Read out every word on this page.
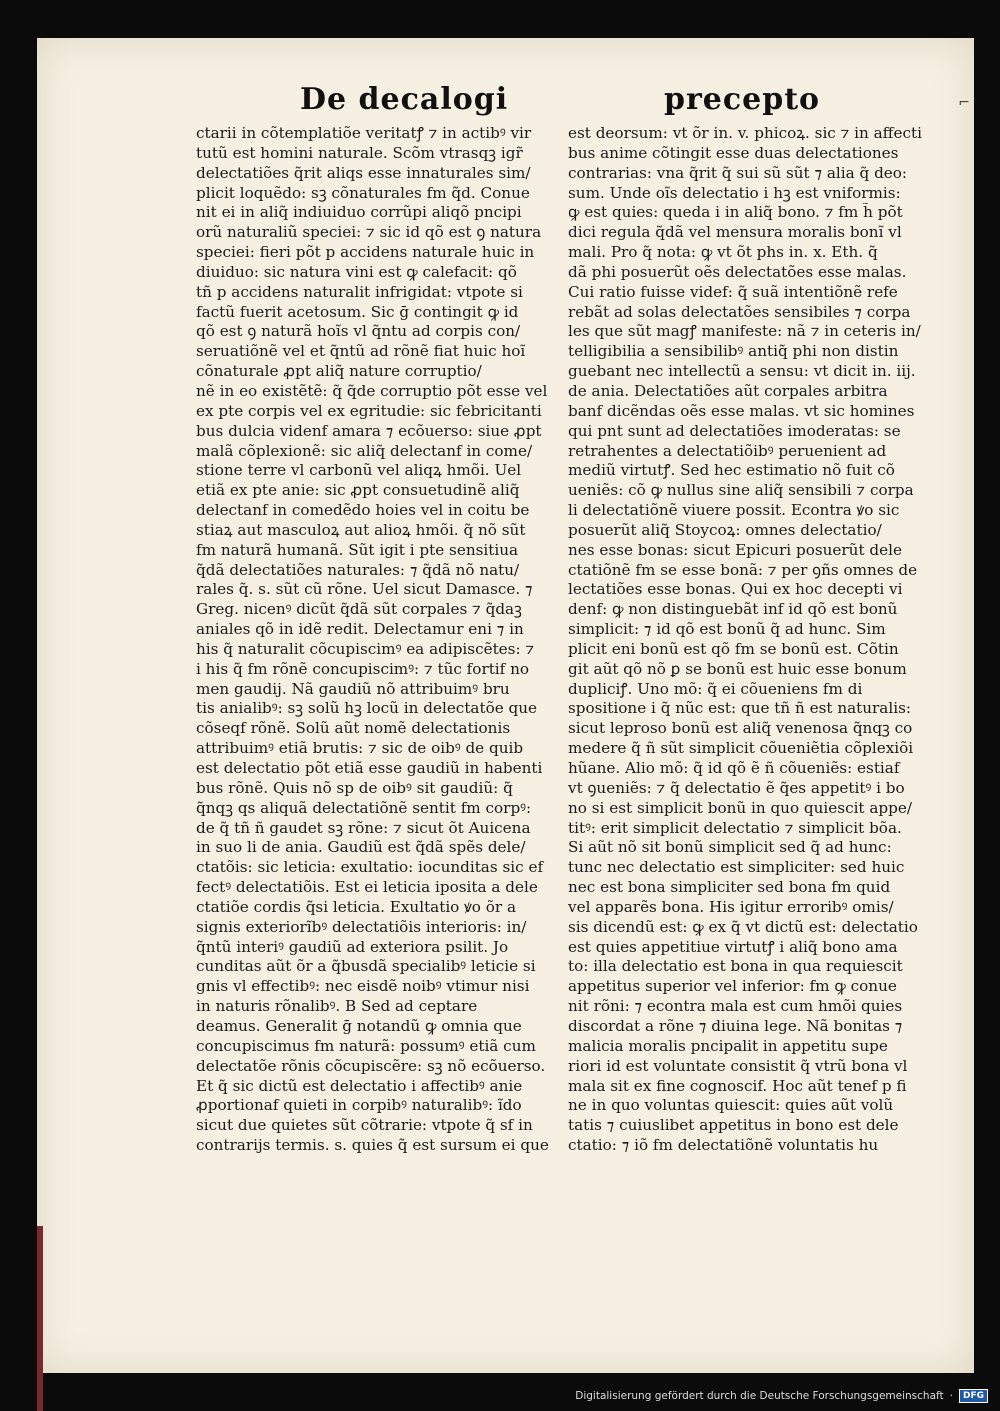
De decalogi	precepto	⌐
ctarii in cõtemplatiõe veritatꝭ ⁊ in actibꝰ vir
tutũ est homini naturale. Scõm vtrasqꝫ igr̃
delectatiões q̃rit aliqs esse innaturales sim/
plicit loquẽdo: sꝫ cõnaturales fm q̃d. Conue
nit ei in aliq̃ indiuiduo corrũpi aliqõ pncipi
orũ naturaliũ speciei: ⁊ sic id qõ est ꝯ natura
speciei: fieri põt p accidens naturale huic in
diuiduo: sic natura vini est ꝙ calefacit: qõ
tñ p accidens naturalit infrigidat: vtpote si
factũ fuerit acetosum. Sic ḡ contingit ꝙ id
qõ est ꝯ naturã hoĩs vl q̃ntu ad corpis con/
seruatiõnẽ vel et q̃ntũ ad rõnẽ fiat huic hoĩ
cõnaturale ꝓpt aliq̃ nature corruptio/
nẽ in eo existẽtẽ: q̃ q̃de corruptio põt esse vel
ex pte corpis vel ex egritudie: sic febricitanti
bus dulcia videnf amara ⁊ ecõuerso: siue ꝓpt
malã cõplexionẽ: sic aliq̃ delectanf in come/
stione terre vl carbonũ vel aliqꝝ hmõi. Uel
etiã ex pte anie: sic ꝓpt consuetudinẽ aliq̃
delectanf in comedẽdo hoies vel in coitu be
stiaꝝ aut masculoꝝ aut alioꝝ hmõi. q̃ nõ sũt
fm naturã humanã. Sũt igit i pte sensitiua
q̃dã delectatiões naturales: ⁊ q̃dã nõ natu/
rales q̃. s. sũt cũ rõne. Uel sicut Damasce. ⁊
Greg. nicenꝰ dicũt q̃dã sũt corpales ⁊ q̃daꝫ
aniales qõ in idẽ redit. Delectamur eni ⁊ in
his q̃ naturalit cõcupiscimꝰ ea adipiscẽtes: ⁊
i his q̃ fm rõnẽ concupiscimꝰ: ⁊ tũc fortif no
men gaudij. Nã gaudiũ nõ attribuimꝰ bru
tis anialibꝰ: sꝫ solũ hꝫ locũ in delectatõe que
cõseqf rõnẽ. Solũ aũt nomẽ delectationis
attribuimꝰ etiã brutis: ⁊ sic de oibꝰ de quib
est delectatio põt etiã esse gaudiũ in habenti
bus rõnẽ. Quis nõ sp de oibꝰ sit gaudiũ: q̃
q̃nqꝫ qs aliquã delectatiõnẽ sentit fm corpꝰ:
de q̃ tñ ñ gaudet sꝫ rõne: ⁊ sicut õt Auicena
in suo li de ania. Gaudiũ est q̃dã spẽs dele/
ctatõis: sic leticia: exultatio: iocunditas sic ef
fectꝰ delectatiõis. Est ei leticia iposita a dele
ctatiõe cordis q̃si leticia. Exultatio ꝟo õr a
signis exteriorĩbꝰ delectatiõis interioris: in/
q̃ntũ interiꝰ gaudiũ ad exteriora psilit. Jo
cunditas aũt õr a q̃busdã specialibꝰ leticie si
gnis vl effectibꝰ: nec eisdẽ noibꝰ vtimur nisi
in naturis rõnalibꝰ. B Sed ad ceptare
deamus. Generalit ḡ notandũ ꝙ omnia que
concupiscimus fm naturã: possumꝰ etiã cum
delectatõe rõnis cõcupiscẽre: sꝫ nõ ecõuerso.
Et q̃ sic dictũ est delectatio i affectibꝰ anie
ꝓportionaf quieti in corpibꝰ naturalibꝰ: ĩdo
sicut due quietes sũt cõtrarie: vtpote q̃ sf in
contrarijs termis. s. quies q̃ est sursum ei que
est deorsum: vt õr in. v. phicoꝝ. sic ⁊ in affecti
bus anime cõtingit esse duas delectationes
contrarias: vna q̃rit q̃ sui sũ sũt ⁊ alia q̃ deo:
sum. Unde oĩs delectatio i hꝫ est vniformis:
ꝙ est quies: queda i in aliq̃ bono. ⁊ fm h̃ põt
dici regula q̃dã vel mensura moralis bonĩ vl
mali. Pro q̃ nota: ꝙ vt õt phs in. x. Eth. q̃
dã phi posuerũt oẽs delectatões esse malas.
Cui ratio fuisse videf: q̃ suã intentiõnẽ refe
rebãt ad solas delectatões sensibiles ⁊ corpa
les que sũt magꝭ manifeste: nã ⁊ in ceteris in/
telligibilia a sensibilibꝰ antiq̃ phi non distin
guebant nec intellectũ a sensu: vt dicit in. iij.
de ania. Delectatiões aũt corpales arbitra
banf dicẽndas oẽs esse malas. vt sic homines
qui pnt sunt ad delectatiões imoderatas: se
retrahentes a delectatiõibꝰ peruenient ad
mediũ virtutꝭ. Sed hec estimatio nõ fuit cõ
ueniẽs: cõ ꝙ nullus sine aliq̃ sensibili ⁊ corpa
li delectatiõnẽ viuere possit. Econtra ꝟo sic
posuerũt aliq̃ Stoycoꝝ: omnes delectatio/
nes esse bonas: sicut Epicuri posuerũt dele
ctatiõnẽ fm se esse bonã: ⁊ per ꝯñs omnes de
lectatiões esse bonas. Qui ex hoc decepti vi
denf: ꝙ non distinguebãt inf id qõ est bonũ
simplicit: ⁊ id qõ est bonũ q̃ ad hunc. Sim
plicit eni bonũ est qõ fm se bonũ est. Cõtin
git aũt qõ nõ ꝑ se bonũ est huic esse bonum
dupliciꝭ. Uno mõ: q̃ ei cõueniens fm di
spositione i q̃ nũc est: que tñ ñ est naturalis:
sicut leproso bonũ est aliq̃ venenosa q̃nqꝫ co
medere q̃ ñ sũt simplicit cõueniẽtia cõplexiõi
hũane. Alio mõ: q̃ id qõ ẽ ñ cõueniẽs: estiaf
vt ꝯueniẽs: ⁊ q̃ delectatio ẽ q̃es appetitꝰ i bo
no si est simplicit bonũ in quo quiescit appe/
titꝰ: erit simplicit delectatio ⁊ simplicit bõa.
Si aũt nõ sit bonũ simplicit sed q̃ ad hunc:
tunc nec delectatio est simpliciter: sed huic
nec est bona simpliciter sed bona fm quid
vel apparẽs bona. His igitur erroribꝰ omis/
sis dicendũ est: ꝙ ex q̃ vt dictũ est: delectatio
est quies appetitiue virtutꝭ i aliq̃ bono ama
to: illa delectatio est bona in qua requiescit
appetitus superior vel inferior: fm ꝙ conue
nit rõni: ⁊ econtra mala est cum hmõi quies
discordat a rõne ⁊ diuina lege. Nã bonitas ⁊
malicia moralis pncipalit in appetitu supe
riori id est voluntate consistit q̃ vtrũ bona vl
mala sit ex fine cognoscif. Hoc aũt tenef p fi
ne in quo voluntas quiescit: quies aũt volũ
tatis ⁊ cuiuslibet appetitus in bono est dele
ctatio: ⁊ iõ fm delectatiõnẽ voluntatis hu
Digitalisierung gefördert durch die Deutsche Forschungsgemeinschaft ·	DFG
